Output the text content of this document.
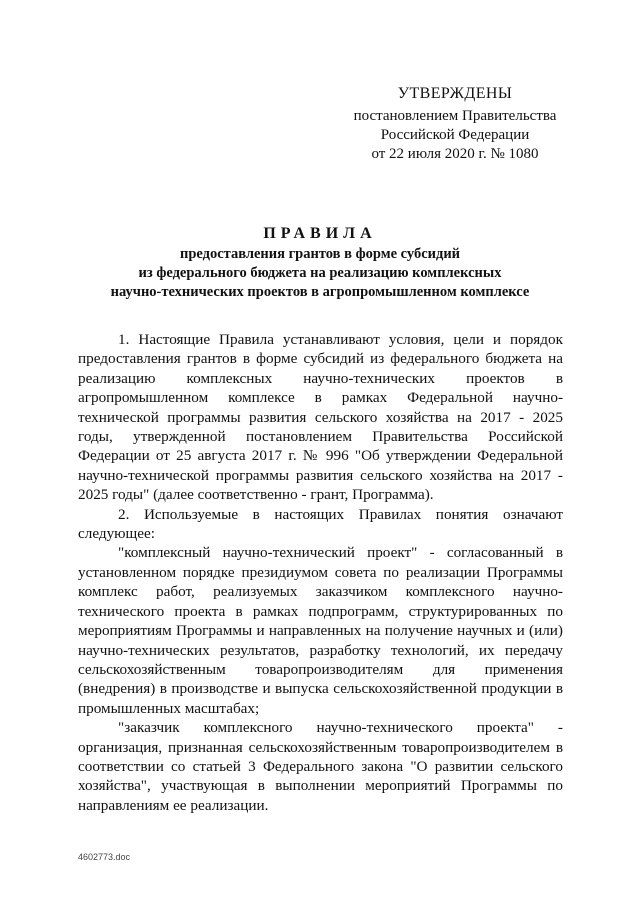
УТВЕРЖДЕНЫ
постановлением Правительства
Российской Федерации
от 22 июля 2020 г. № 1080
ПРАВИЛА
предоставления грантов в форме субсидий
из федерального бюджета на реализацию комплексных
научно-технических проектов в агропромышленном комплексе

1. Настоящие Правила устанавливают условия, цели и порядок предоставления грантов в форме субсидий из федерального бюджета на реализацию комплексных научно-технических проектов в агропромышленном комплексе в рамках Федеральной научно-технической программы развития сельского хозяйства на 2017 - 2025 годы, утвержденной постановлением Правительства Российской Федерации от 25 августа 2017 г. № 996 "Об утверждении Федеральной научно-технической программы развития сельского хозяйства на 2017 - 2025 годы" (далее соответственно - грант, Программа).

2. Используемые в настоящих Правилах понятия означают следующее:

"комплексный научно-технический проект" - согласованный в установленном порядке президиумом совета по реализации Программы комплекс работ, реализуемых заказчиком комплексного научно-технического проекта в рамках подпрограмм, структурированных по мероприятиям Программы и направленных на получение научных и (или) научно-технических результатов, разработку технологий, их передачу сельскохозяйственным товаропроизводителям для применения (внедрения) в производстве и выпуска сельскохозяйственной продукции в промышленных масштабах;

"заказчик комплексного научно-технического проекта" - организация, признанная сельскохозяйственным товаропроизводителем в соответствии со статьей 3 Федерального закона "О развитии сельского хозяйства", участвующая в выполнении мероприятий Программы по направлениям ее реализации.

4602773.doc
